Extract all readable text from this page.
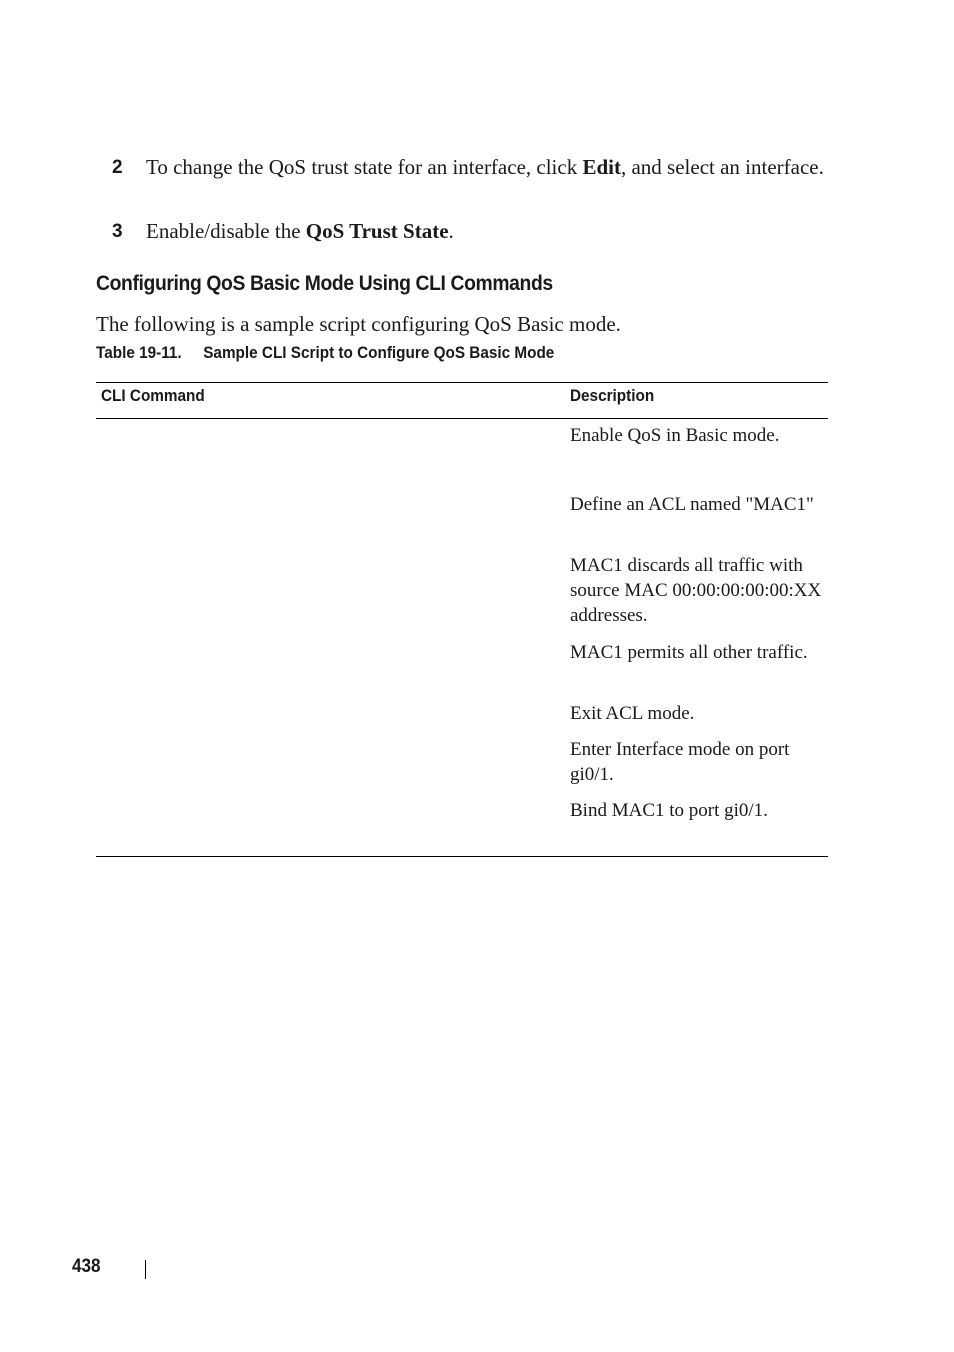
2 To change the QoS trust state for an interface, click Edit, and select an interface.
3 Enable/disable the QoS Trust State.
Configuring QoS Basic Mode Using CLI Commands
The following is a sample script configuring QoS Basic mode.
Table 19-11. Sample CLI Script to Configure QoS Basic Mode
CLI Command	Description
Enable QoS in Basic mode.
Define an ACL named "MAC1"
MAC1 discards all traffic with source MAC 00:00:00:00:00:XX addresses.
MAC1 permits all other traffic.
Exit ACL mode.
Enter Interface mode on port gi0/1.
Bind MAC1 to port gi0/1.
438
